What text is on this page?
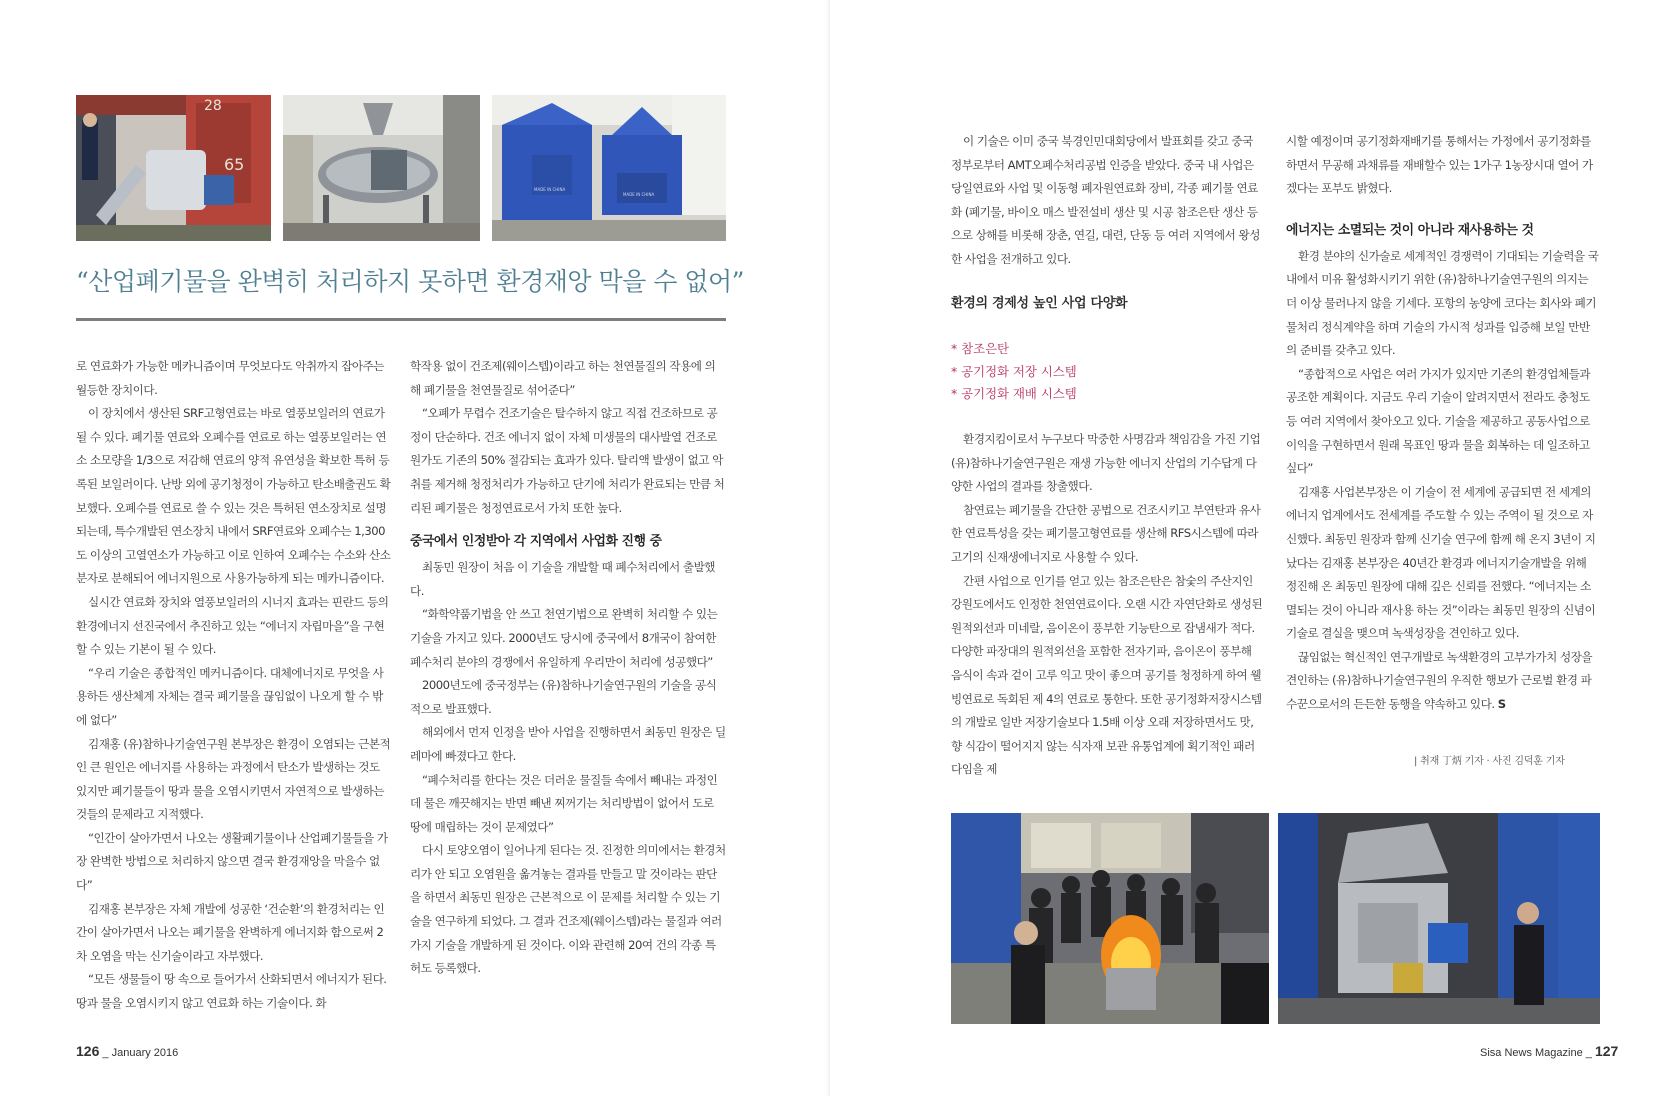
28
65
MADE IN CHINA
MADE IN CHINA
“산업폐기물을 완벽히 처리하지 못하면 환경재앙 막을 수 없어”

로 연료화가 가능한 메카니즘이며 무엇보다도 악취까지 잡아주는 월등한 장치이다.

이 장치에서 생산된 SRF고형연료는 바로 열풍보일러의 연료가 될 수 있다. 폐기물 연료와 오폐수를 연료로 하는 열풍보일러는 연소 소모량을 1/3으로 저감해 연료의 양적 유연성을 확보한 특허 등록된 보일러이다. 난방 외에 공기청정이 가능하고 탄소배출권도 확보했다. 오폐수를 연료로 쓸 수 있는 것은 특허된 연소장치로 설명되는데, 특수개발된 연소장치 내에서 SRF연료와 오폐수는 1,300도 이상의 고열연소가 가능하고 이로 인하여 오폐수는 수소와 산소분자로 분해되어 에너지원으로 사용가능하게 되는 메카니즘이다.

실시간 연료화 장치와 열풍보일러의 시너지 효과는 핀란드 등의 환경에너지 선진국에서 추진하고 있는 “에너지 자립마을”을 구현할 수 있는 기본이 될 수 있다.

“우리 기술은 종합적인 메커니즘이다. 대체에너지로 무엇을 사용하든 생산체계 자체는 결국 폐기물을 끊임없이 나오게 할 수 밖에 없다”

김재홍 (유)참하나기술연구원 본부장은 환경이 오염되는 근본적인 큰 원인은 에너지를 사용하는 과정에서 탄소가 발생하는 것도 있지만 폐기물들이 땅과 물을 오염시키면서 자연적으로 발생하는 것들의 문제라고 지적했다.

“인간이 살아가면서 나오는 생활폐기물이나 산업폐기물들을 가장 완벽한 방법으로 처리하지 않으면 결국 환경재앙을 막을수 없다”

김재홍 본부장은 자체 개발에 성공한 ‘건순환’의 환경처리는 인간이 살아가면서 나오는 폐기물을 완벽하게 에너지화 함으로써 2차 오염을 막는 신기술이라고 자부했다.

“모든 생물들이 땅 속으로 들어가서 산화되면서 에너지가 된다. 땅과 물을 오염시키지 않고 연료화 하는 기술이다. 화

학작용 없이 건조제(웨이스텝)이라고 하는 천연물질의 작용에 의해 폐기물을 천연물질로 섞어준다”

“오폐가 무렵수 건조기술은 탈수하지 않고 직접 건조하므로 공정이 단순하다. 건조 에너지 없이 자체 미생물의 대사발열 건조로 원가도 기존의 50% 절감되는 효과가 있다. 탈리액 발생이 없고 악취를 제거해 청정처리가 가능하고 단기에 처리가 완료되는 만큼 처리된 폐기물은 청정연료로서 가치 또한 높다.

중국에서 인정받아 각 지역에서 사업화 진행 중

최동민 원장이 처음 이 기술을 개발할 때 폐수처리에서 출발했다.

“화학약품기법을 안 쓰고 천연기법으로 완벽히 처리할 수 있는 기술을 가지고 있다. 2000년도 당시에 중국에서 8개국이 참여한 폐수처리 분야의 경쟁에서 유일하게 우리만이 처리에 성공했다”

2000년도에 중국정부는 (유)참하나기술연구원의 기술을 공식적으로 발표했다.

해외에서 먼저 인정을 받아 사업을 진행하면서 최동민 원장은 딜레마에 빠졌다고 한다.

“폐수처리를 한다는 것은 더러운 물질들 속에서 빼내는 과정인데 물은 깨끗해지는 반면 빼낸 찌꺼기는 처리방법이 없어서 도로 땅에 매립하는 것이 문제였다”

다시 토양오염이 일어나게 된다는 것. 진정한 의미에서는 환경처리가 안 되고 오염원을 옮겨놓는 결과를 만들고 말 것이라는 판단을 하면서 최동민 원장은 근본적으로 이 문제를 처리할 수 있는 기술을 연구하게 되었다. 그 결과 건조제(웨이스텝)라는 물질과 여러 가지 기술을 개발하게 된 것이다. 이와 관련해 20여 건의 각종 특허도 등록했다.

126 _ January 2016

이 기술은 이미 중국 북경인민대회당에서 발표회를 갖고 중국 정부로부터 AMT오폐수처리공법 인증을 받았다. 중국 내 사업은 당일연료와 사업 및 이동형 폐자원연료화 장비, 각종 폐기물 연료화 (폐기물, 바이오 매스 발전설비 생산 및 시공 참조은탄 생산 등으로 상해를 비롯해 장춘, 연길, 대련, 단동 등 여러 지역에서 왕성한 사업을 전개하고 있다.

환경의 경제성 높인 사업 다양화
* 참조은탄
* 공기정화 저장 시스템
* 공기정화 재배 시스템

환경지킴이로서 누구보다 막중한 사명감과 책임감을 가진 기업 (유)참하나기술연구원은 재생 가능한 에너지 산업의 기수답게 다양한 사업의 결과를 창출했다.

참연료는 폐기물을 간단한 공법으로 건조시키고 부연탄과 유사한 연료특성을 갖는 폐기물고형연료를 생산해 RFS시스템에 따라 고기의 신재생에너지로 사용할 수 있다.

간편 사업으로 인기를 얻고 있는 참조은탄은 참숯의 주산지인 강원도에서도 인정한 천연연료이다. 오랜 시간 자연단화로 생성된 원적외선과 미네랄, 음이온이 풍부한 기능탄으로 잡냄새가 적다. 다양한 파장대의 원적외선을 포함한 전자기파, 음이온이 풍부해 음식이 속과 겉이 고루 익고 맛이 좋으며 공기를 청정하게 하여 웰빙연료로 독회된 제 4의 연료로 통한다. 또한 공기정화저장시스템의 개발로 일반 저장기술보다 1.5배 이상 오래 저장하면서도 맛, 향 식감이 떨어지지 않는 식자재 보관 유통업계에 획기적인 패러다임을 제

시할 예정이며 공기정화재배기를 통해서는 가정에서 공기정화를 하면서 무공해 과채류를 재배할수 있는 1가구 1농장시대 열어 가겠다는 포부도 밝혔다.

에너지는 소멸되는 것이 아니라 재사용하는 것

환경 분야의 신가술로 세계적인 경쟁력이 기대되는 기술력을 국내에서 미유 활성화시키기 위한 (유)참하나기술연구원의 의지는 더 이상 물러나지 않을 기세다. 포항의 농양에 코다는 회사와 폐기물처리 정식계약을 하며 기술의 가시적 성과를 입증해 보일 만반의 준비를 갖추고 있다.

“종합적으로 사업은 여러 가지가 있지만 기존의 환경업체들과 공조한 계획이다. 지금도 우리 기술이 알려지면서 전라도 충청도 등 여러 지역에서 찾아오고 있다. 기술을 제공하고 공동사업으로 이익을 구현하면서 원래 목표인 땅과 물을 회복하는 데 일조하고 싶다”

김재홍 사업본부장은 이 기술이 전 세계에 공급되면 전 세계의 에너지 업계에서도 전세계를 주도할 수 있는 주역이 될 것으로 자신했다. 최동민 원장과 함께 신기술 연구에 함께 해 온지 3년이 지났다는 김재홍 본부장은 40년간 환경과 에너지기술개발을 위해 정진해 온 최동민 원장에 대해 깊은 신뢰를 전했다. “에너지는 소멸되는 것이 아니라 재사용 하는 것”이라는 최동민 원장의 신념이 기술로 결실을 맺으며 녹색성장을 견인하고 있다.

끊임없는 혁신적인 연구개발로 녹색환경의 고부가가치 성장을 견인하는 (유)참하나기술연구원의 우직한 행보가 근로벌 환경 파수꾼으로서의 든든한 동행을 약속하고 있다. S

| 취재 丁炳 기자 · 사진 김덕훈 기자
Sisa News Magazine _ 127
